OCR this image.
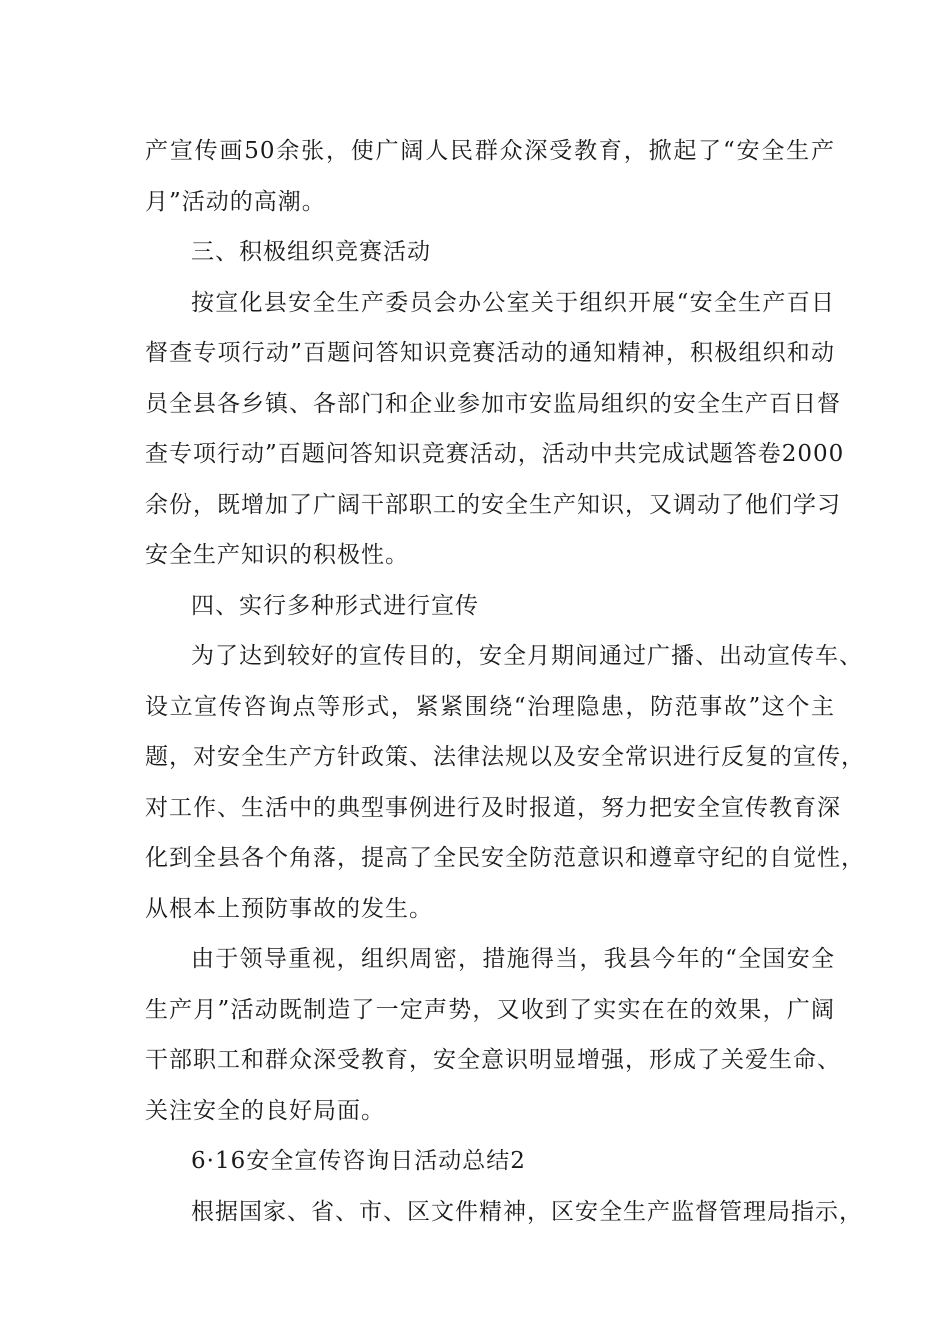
产宣传画50余张，使广阔人民群众深受教育，掀起了“安全生产
月”活动的高潮。
三、积极组织竞赛活动
按宣化县安全生产委员会办公室关于组织开展“安全生产百日
督查专项行动”百题问答知识竞赛活动的通知精神，积极组织和动
员全县各乡镇、各部门和企业参加市安监局组织的安全生产百日督
查专项行动”百题问答知识竞赛活动，活动中共完成试题答卷2000
余份，既增加了广阔干部职工的安全生产知识，又调动了他们学习
安全生产知识的积极性。
四、实行多种形式进行宣传
为了达到较好的宣传目的，安全月期间通过广播、出动宣传车、
设立宣传咨询点等形式，紧紧围绕“治理隐患，防范事故”这个主
题，对安全生产方针政策、法律法规以及安全常识进行反复的宣传，
对工作、生活中的典型事例进行及时报道，努力把安全宣传教育深
化到全县各个角落，提高了全民安全防范意识和遵章守纪的自觉性，
从根本上预防事故的发生。
由于领导重视，组织周密，措施得当，我县今年的“全国安全
生产月”活动既制造了一定声势，又收到了实实在在的效果，广阔
干部职工和群众深受教育，安全意识明显增强，形成了关爱生命、
关注安全的良好局面。
6·16安全宣传咨询日活动总结2
根据国家、省、市、区文件精神，区安全生产监督管理局指示，
